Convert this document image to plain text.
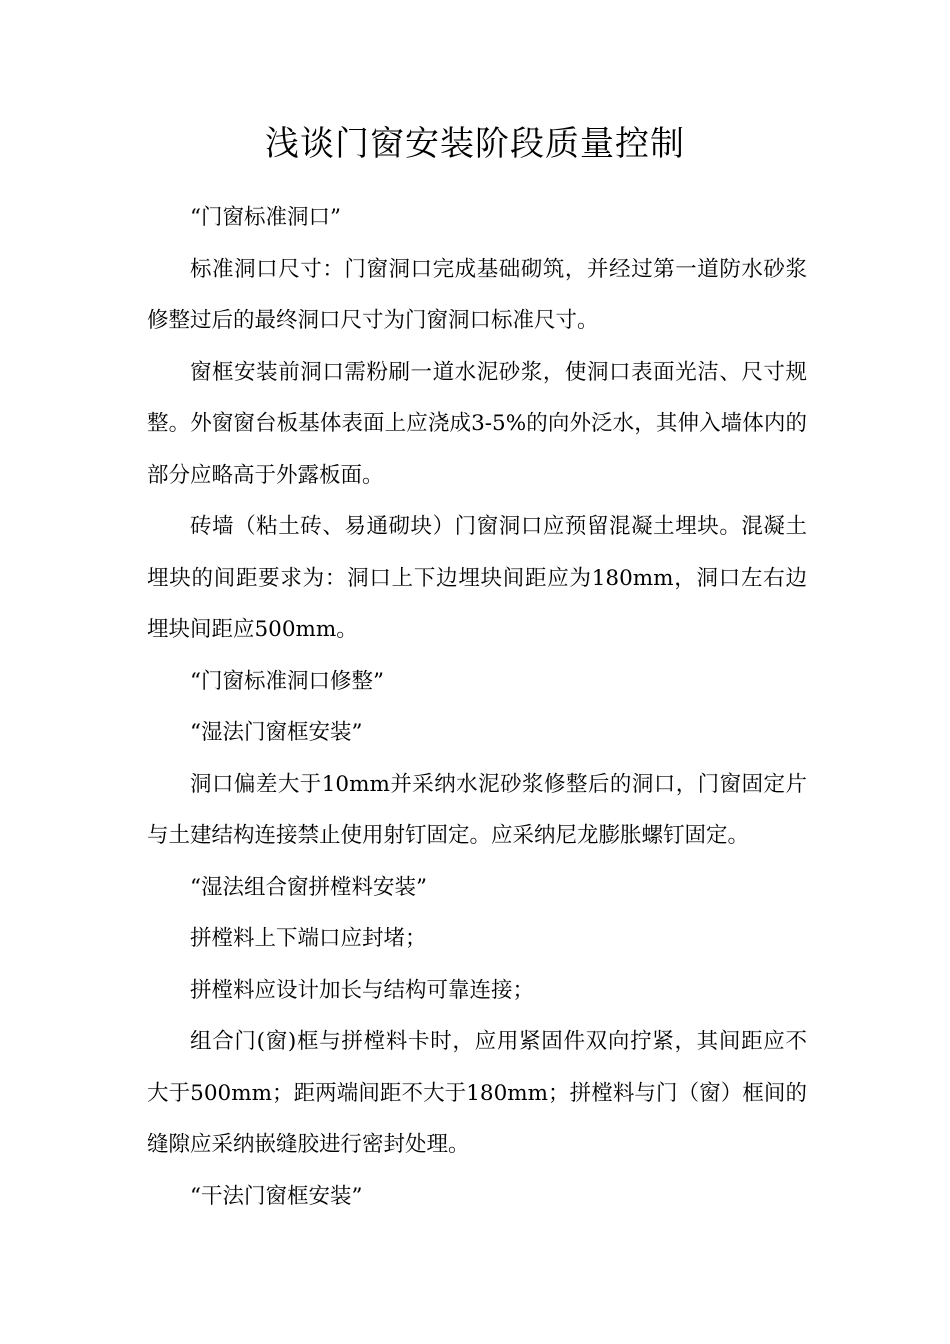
浅谈门窗安装阶段质量控制

“门窗标准洞口”

标准洞口尺寸：门窗洞口完成基础砌筑，并经过第一道防水砂浆修整过后的最终洞口尺寸为门窗洞口标准尺寸。

窗框安装前洞口需粉刷一道水泥砂浆，使洞口表面光洁、尺寸规整。外窗窗台板基体表面上应浇成3-5%的向外泛水，其伸入墙体内的部分应略高于外露板面。

砖墙（粘土砖、易通砌块）门窗洞口应预留混凝土埋块。混凝土埋块的间距要求为：洞口上下边埋块间距应为180mm，洞口左右边埋块间距应500mm。

“门窗标准洞口修整”

“湿法门窗框安装”

洞口偏差大于10mm并采纳水泥砂浆修整后的洞口，门窗固定片与土建结构连接禁止使用射钉固定。应采纳尼龙膨胀螺钉固定。

“湿法组合窗拼樘料安装”

拼樘料上下端口应封堵；

拼樘料应设计加长与结构可靠连接；

组合门(窗)框与拼樘料卡时，应用紧固件双向拧紧，其间距应不大于500mm；距两端间距不大于180mm；拼樘料与门（窗）框间的缝隙应采纳嵌缝胶进行密封处理。

“干法门窗框安装”
